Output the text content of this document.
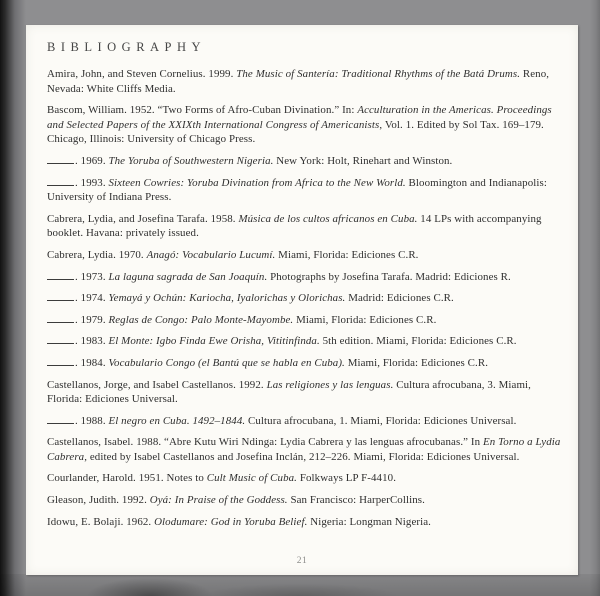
BIBLIOGRAPHY

Amira, John, and Steven Cornelius. 1999. The Music of Santería: Traditional Rhythms of the Batá Drums. Reno, Nevada: White Cliffs Media.

Bascom, William. 1952. “Two Forms of Afro-Cuban Divination.” In: Acculturation in the Americas. Proceedings and Selected Papers of the XXIXth International Congress of Americanists, Vol. 1. Edited by Sol Tax. 169–179. Chicago, Illinois: University of Chicago Press.

. 1969. The Yoruba of Southwestern Nigeria. New York: Holt, Rinehart and Winston.

. 1993. Sixteen Cowries: Yoruba Divination from Africa to the New World. Bloomington and Indianapolis: University of Indiana Press.

Cabrera, Lydia, and Josefina Tarafa. 1958. Música de los cultos africanos en Cuba. 14 LPs with accompanying booklet. Havana: privately issued.

Cabrera, Lydia. 1970. Anagó: Vocabulario Lucumí. Miami, Florida: Ediciones C.R.

. 1973. La laguna sagrada de San Joaquín. Photographs by Josefina Tarafa. Madrid: Ediciones R.

. 1974. Yemayá y Ochún: Kariocha, Iyalorichas y Olorichas. Madrid: Ediciones C.R.

. 1979. Reglas de Congo: Palo Monte-Mayombe. Miami, Florida: Ediciones C.R.

. 1983. El Monte: Igbo Finda Ewe Orisha, Vititinfinda. 5th edition. Miami, Florida: Ediciones C.R.

. 1984. Vocabulario Congo (el Bantú que se habla en Cuba). Miami, Florida: Ediciones C.R.

Castellanos, Jorge, and Isabel Castellanos. 1992. Las religiones y las lenguas. Cultura afrocubana, 3. Miami, Florida: Ediciones Universal.

. 1988. El negro en Cuba. 1492–1844. Cultura afrocubana, 1. Miami, Florida: Ediciones Universal.

Castellanos, Isabel. 1988. “Abre Kutu Wiri Ndinga: Lydia Cabrera y las lenguas afrocubanas.” In En Torno a Lydia Cabrera, edited by Isabel Castellanos and Josefina Inclán, 212–226. Miami, Florida: Ediciones Universal.

Courlander, Harold. 1951. Notes to Cult Music of Cuba. Folkways LP F-4410.

Gleason, Judith. 1992. Oyá: In Praise of the Goddess. San Francisco: HarperCollins.

Idowu, E. Bolaji. 1962. Olodumare: God in Yoruba Belief. Nigeria: Longman Nigeria.

21
